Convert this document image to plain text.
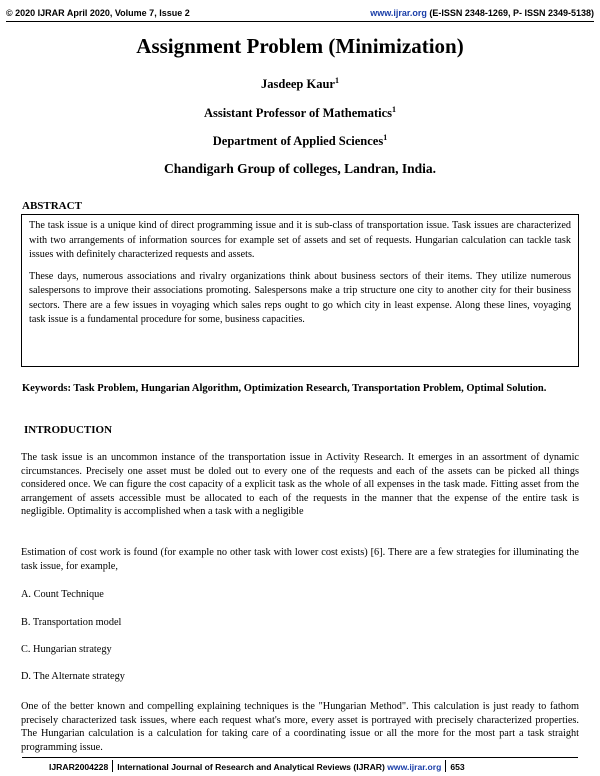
© 2020 IJRAR April 2020, Volume 7, Issue 2	www.ijrar.org (E-ISSN 2348-1269, P- ISSN 2349-5138)
Assignment Problem (Minimization)
Jasdeep Kaur$^1$
Assistant Professor of Mathematics$^1$
Department of Applied Sciences$^1$
Chandigarh Group of colleges, Landran, India.
ABSTRACT

The task issue is a unique kind of direct programming issue and it is sub-class of transportation issue. Task issues are characterized with two arrangements of information sources for example set of assets and set of requests. Hungarian calculation can tackle task issues with definitely characterized requests and assets.

These days, numerous associations and rivalry organizations think about business sectors of their items. They utilize numerous salespersons to improve their associations promoting. Salespersons make a trip structure one city to another city for their business sectors. There are a few issues in voyaging which sales reps ought to go which city in least expense. Along these lines, voyaging task issue is a fundamental procedure for some, business capacities.

Keywords: Task Problem, Hungarian Algorithm, Optimization Research, Transportation Problem, Optimal Solution.
INTRODUCTION

The task issue is an uncommon instance of the transportation issue in Activity Research. It emerges in an assortment of dynamic circumstances. Precisely one asset must be doled out to every one of the requests and each of the assets can be picked all things considered once. We can figure the cost capacity of a explicit task as the whole of all expenses in the task made. Fitting asset from the arrangement of assets accessible must be allocated to each of the requests in the manner that the expense of the entire task is negligible. Optimality is accomplished when a task with a negligible

Estimation of cost work is found (for example no other task with lower cost exists) [6]. There are a few strategies for illuminating the task issue, for example,

A. Count Technique
B. Transportation model
C. Hungarian strategy
D. The Alternate strategy

One of the better known and compelling explaining techniques is the "Hungarian Method". This calculation is just ready to fathom precisely characterized task issues, where each request what's more, every asset is portrayed with precisely characterized properties. The Hungarian calculation is a calculation for taking care of a coordinating issue or all the more for the most part a task straight programming issue.

IJRAR2004228 International Journal of Research and Analytical Reviews (IJRAR) www.ijrar.org 653
